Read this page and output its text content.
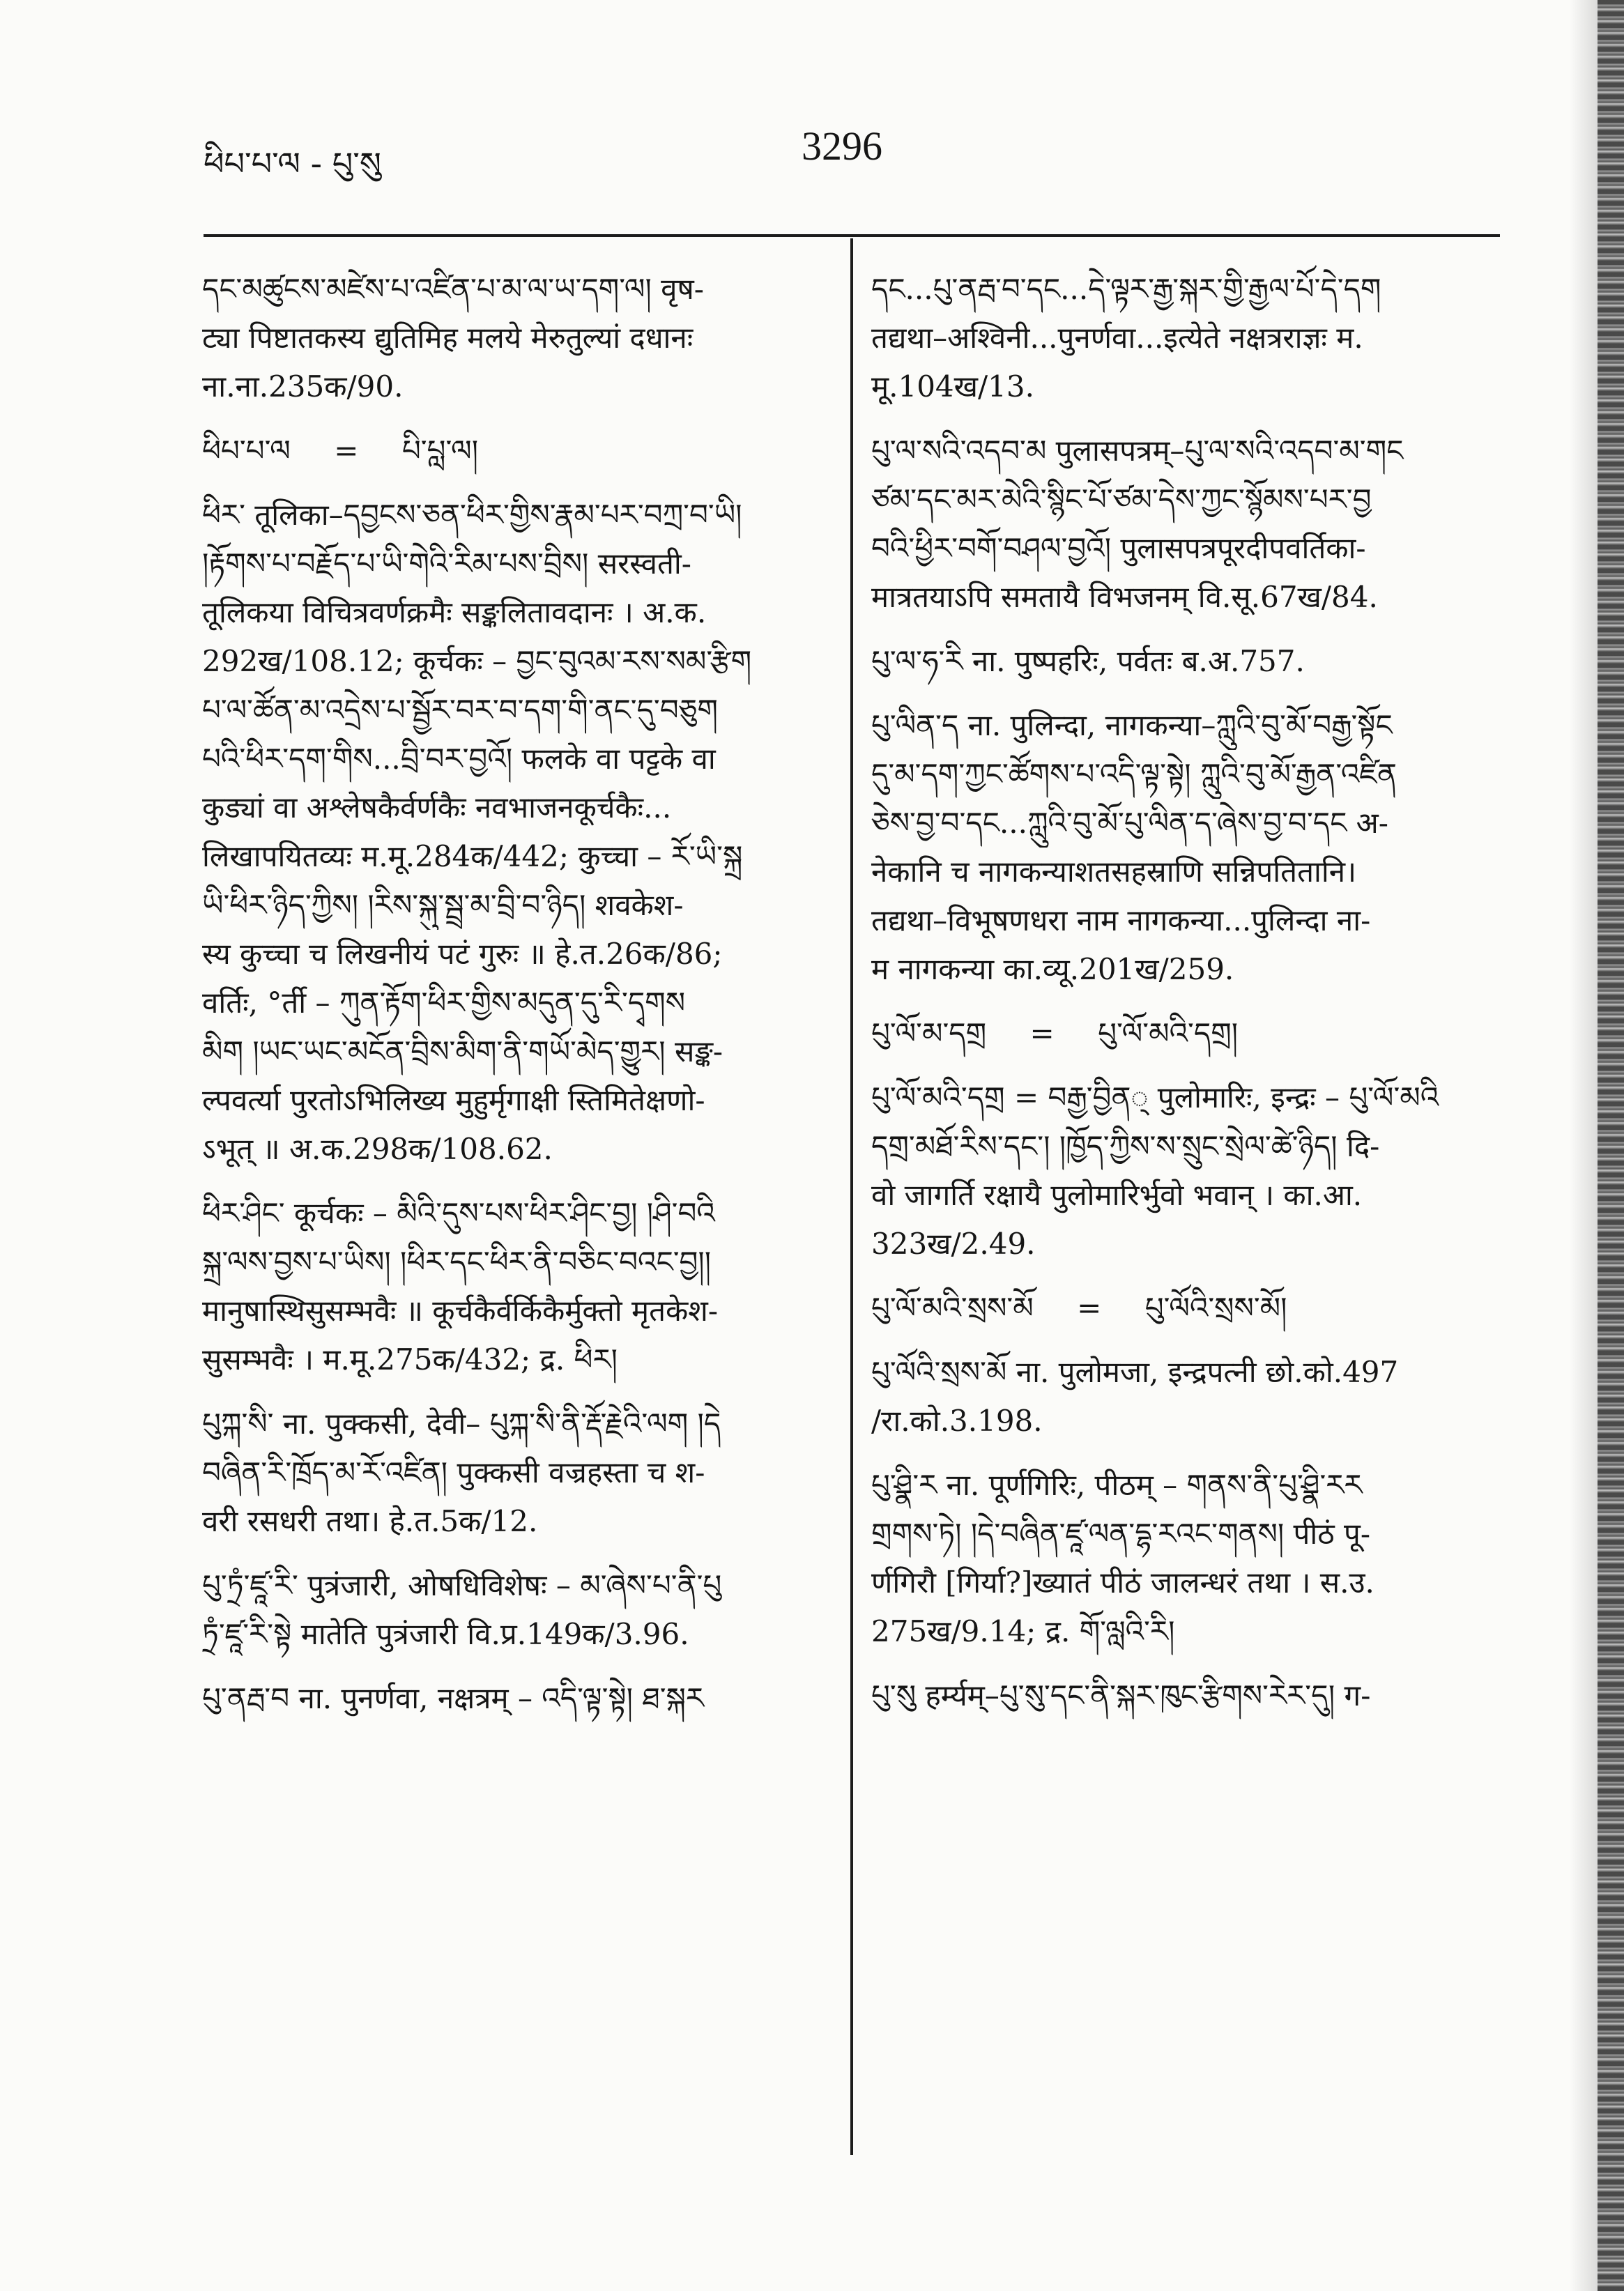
ཕིཔ་པ་ལ - པུ་སུ	3296
དང་མཚུངས་མཛེས་པ་འཛིན་པ་མ་ལ་ཡ་དག་ལ། वृष-
ट्या पिष्टातकस्य द्युतिमिह मलये मेरुतुल्यां दधानः
ना.ना.235क/90.
ཕིཔ་པ་ལ = པི་པླ་ལ།
ཕིར་ तूलिका–དབྱངས་ཅན་ཕིར་གྱིས་རྣམ་པར་བཀྲ་བ་ཡི།
།རྟོགས་པ་བརྗོད་པ་ཡི་གེའི་རིམ་པས་བྲིས། सरस्वती-
तूलिकया विचित्रवर्णक्रमैः सङ्कलितावदानः । अ.क.
292ख/108.12; कूर्चकः – བྱང་བུའམ་རས་སམ་རྩིག
པ་ལ་ཚོན་མ་འདྲེས་པ་སྦྱོར་བར་བ་དག་གི་ནང་དུ་བཅུག
པའི་ཕིར་དག་གིས...བྲི་བར་བྱའོ། फलके वा पट्टके वा
कुड्यां वा अश्लेषकैर्वर्णकैः नवभाजनकूर्चकैः...
लिखापयितव्यः म.मू.284क/442; कुच्चा – རོ་ཡི་སྐྲ
ཡི་ཕིར་ཉིད་ཀྱིས། །རིས་སྐུ་སྦྲ་མ་བྲི་བ་ཉིད། शवकेश-
स्य कुच्चा च लिखनीयं पटं गुरुः ॥ हे.त.26क/86;
वर्तिः, °र्ती – ཀུན་རྟོག་ཕིར་གྱིས་མདུན་དུ་རི་དྭགས
མིག །ཡང་ཡང་མངོན་བྲིས་མིག་ནི་གཡོ་མེད་གྱུར། सङ्क-
ल्पवर्त्या पुरतोऽभिलिख्य मुहुर्मृगाक्षी स्तिमितेक्षणो-
ऽभूत् ॥ अ.क.298क/108.62.
ཕིར་ཤིང་ कूर्चकः – མིའི་དུས་པས་ཕིར་ཤིང་བྱ། །ཤི་བའི
སྐྲ་ལས་བྱས་པ་ཡིས། །ཕིར་དང་ཕིར་ནི་བཅིང་བའང་བྱ།།
मानुषास्थिसुसम्भवैः ॥ कूर्चकैर्वर्किकैर्मुक्तो मृतकेश-
सुसम्भवैः । म.मू.275क/432; द्र. ཕིར།
པུཀྐ་སི་ ना. पुक्कसी, देवी– པུཀྐ་སི་ནི་རྡོ་རྗེའི་ལག །དེ
བཞིན་རི་ཁྲོད་མ་རོ་འཛིན། पुक्कसी वज्रहस्ता च श-
वरी रसधरी तथा। हे.त.5क/12.
པུ་ཏྲཾ་ཛཱ་རི་ पुत्रंजारी, ओषधिविशेषः – མ་ཞེས་པ་ནི་པུ
ཏྲཾ་ཛཱ་རི་སྟེ मातेति पुत्रंजारी वि.प्र.149क/3.96.
པུ་ནརྦ་བ ना. पुनर्णवा, नक्षत्रम् – འདི་ལྟ་སྟེ། ཐ་སྐར
དང...པུ་ནརྦ་བ་དང...དེ་ལྟར་རྒྱ་སྐར་གྱི་རྒྱལ་པོ་དེ་དག
तद्यथा–अश्विनी...पुनर्णवा...इत्येते नक्षत्रराज्ञः म.
मू.104ख/13.
པུ་ལ་སའི་འདབ་མ पुलासपत्रम्–པུ་ལ་སའི་འདབ་མ་གང
ཙམ་དང་མར་མེའི་སྙིང་པོ་ཙམ་དེས་ཀྱང་སྙོམས་པར་བྱ
བའི་ཕྱིར་བགོ་བཤལ་བྱའོ། पुलासपत्रपूरदीपवर्तिका-
मात्रतयाऽपि समतायै विभजनम् वि.सू.67ख/84.
པུ་ལ་ཧ་རི ना. पुष्पहरिः, पर्वतः ब.अ.757.
པུ་ལིན་ད ना. पुलिन्दा, नागकन्या–ཀླུའི་བུ་མོ་བརྒྱ་སྟོང
དུ་མ་དག་ཀྱང་ཚོགས་པ་འདི་ལྟ་སྟེ། ཀླུའི་བུ་མོ་རྒྱན་འཛིན
ཅེས་བྱ་བ་དང...ཀླུའི་བུ་མོ་པུ་ལིན་ད་ཞེས་བྱ་བ་དང अ-
नेकानि च नागकन्याशतसहस्राणि सन्निपतितानि।
तद्यथा–विभूषणधरा नाम नागकन्या...पुलिन्दा ना-
म नागकन्या का.व्यू.201ख/259.
པུ་ལོ་མ་དགྲ = པུ་ལོ་མའི་དགྲ།
པུ་ལོ་མའི་དགྲ = བརྒྱ་བྱིན् पुलोमारिः, इन्द्रः – པུ་ལོ་མའི
དགྲ་མཐོ་རིས་དང་། །ཁྱོད་ཀྱིས་ས་སྲུང་སྲེལ་ཚེ་ཉིད། दि-
वो जागर्ति रक्षायै पुलोमारिर्भुवो भवान् । का.आ.
323ख/2.49.
པུ་ལོ་མའི་སྲས་མོ = པུ་ལོའི་སྲས་མོ།
པུ་ལོའི་སྲས་མོ ना. पुलोमजा, इन्द्रपत्नी छो.को.497
/रा.को.3.198.
པུ་ཤྣི་ར ना. पूर्णगिरिः, पीठम् – གནས་ནི་པུ་ཤྣི་རར
གྲགས་ཏེ། །དེ་བཞིན་ཛཱ་ལན་དྷ་རའང་གནས། पीठं पू-
र्णगिरौ [गिर्या?]ख्यातं पीठं जालन्धरं तथा । स.उ.
275ख/9.14; द्र. གོ་ལླའི་རི།
པུ་སུ हर्म्यम्–པུ་སུ་དང་ནི་སྐར་ཁུང་རྩིགས་རེར་དུ། ग-
